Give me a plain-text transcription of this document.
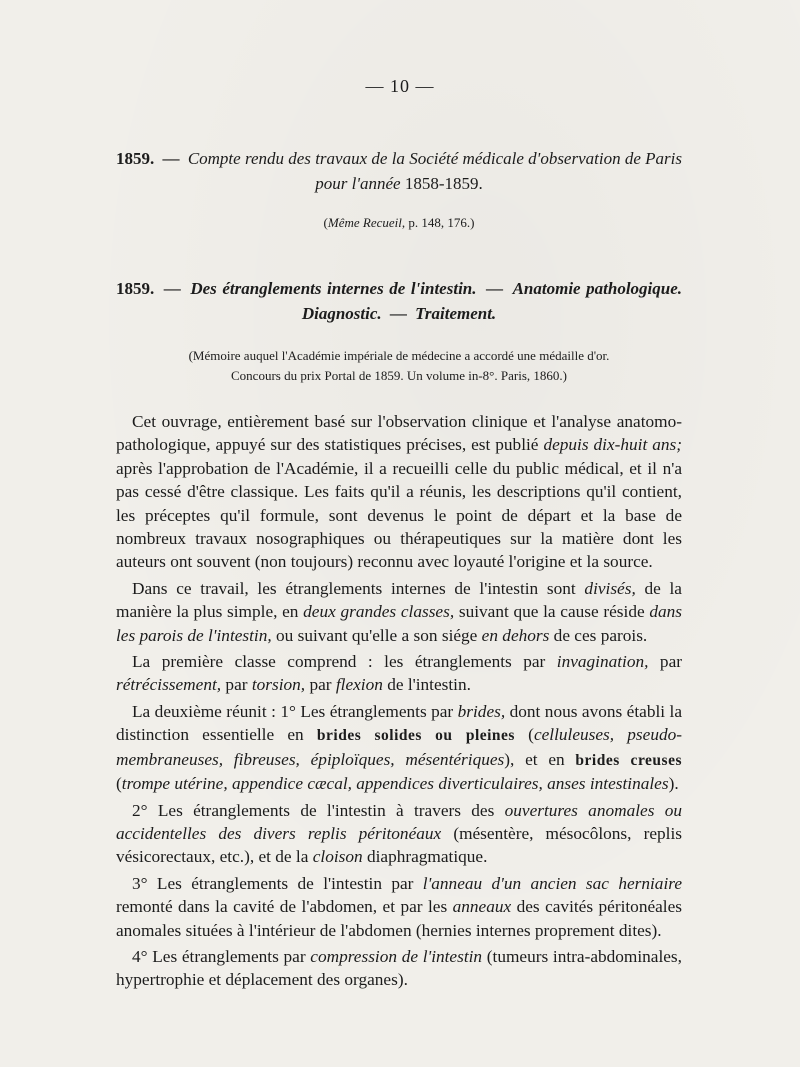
— 10 —

1859. — Compte rendu des travaux de la Société médicale d'observation de Paris

pour l'année 1858-1859.

(Même Recueil, p. 148, 176.)

1859. — Des étranglements internes de l'intestin. — Anatomie pathologique.

Diagnostic. — Traitement.

(Mémoire auquel l'Académie impériale de médecine a accordé une médaille d'or.
Concours du prix Portal de 1859. Un volume in-8°. Paris, 1860.)

Cet ouvrage, entièrement basé sur l'observation clinique et l'analyse anatomo-pathologique, appuyé sur des statistiques précises, est publié depuis dix-huit ans; après l'approbation de l'Académie, il a recueilli celle du public médical, et il n'a pas cessé d'être classique. Les faits qu'il a réunis, les descriptions qu'il contient, les préceptes qu'il formule, sont devenus le point de départ et la base de nombreux travaux nosographiques ou thérapeutiques sur la matière dont les auteurs ont souvent (non toujours) reconnu avec loyauté l'origine et la source.

Dans ce travail, les étranglements internes de l'intestin sont divisés, de la manière la plus simple, en deux grandes classes, suivant que la cause réside dans les parois de l'intestin, ou suivant qu'elle a son siége en dehors de ces parois.

La première classe comprend : les étranglements par invagination, par rétrécissement, par torsion, par flexion de l'intestin.

La deuxième réunit : 1° Les étranglements par brides, dont nous avons établi la distinction essentielle en brides solides ou pleines (celluleuses, pseudo-membraneuses, fibreuses, épiploïques, mésentériques), et en brides creuses (trompe utérine, appendice cæcal, appendices diverticulaires, anses intestinales).

2° Les étranglements de l'intestin à travers des ouvertures anomales ou accidentelles des divers replis péritonéaux (mésentère, mésocôlons, replis vésicorectaux, etc.), et de la cloison diaphragmatique.

3° Les étranglements de l'intestin par l'anneau d'un ancien sac herniaire remonté dans la cavité de l'abdomen, et par les anneaux des cavités péritonéales anomales situées à l'intérieur de l'abdomen (hernies internes proprement dites).

4° Les étranglements par compression de l'intestin (tumeurs intra-abdominales, hypertrophie et déplacement des organes).
